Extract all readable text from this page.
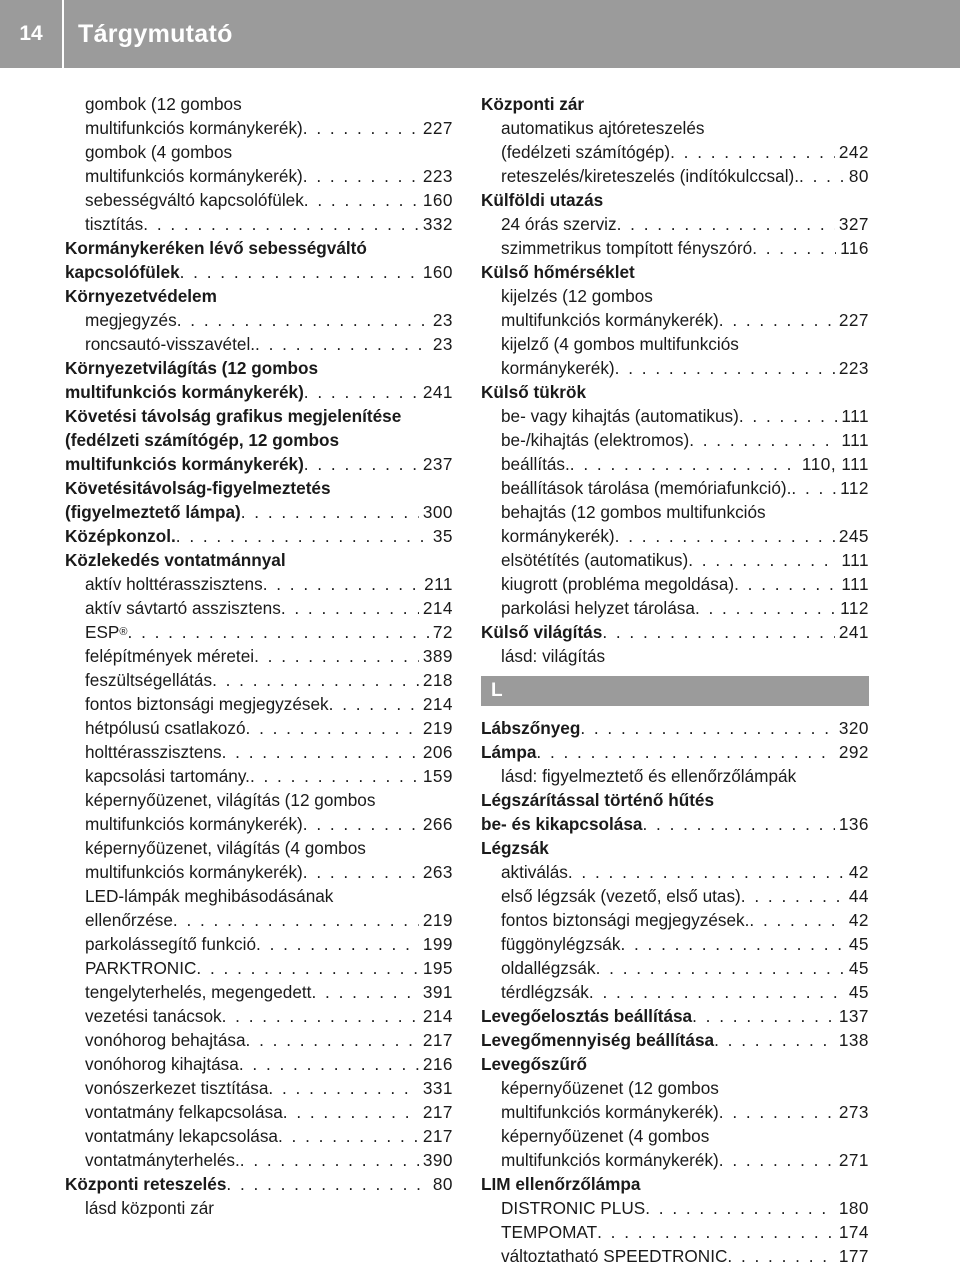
14	Tárgymutató
gombok (12 gombos
multifunkciós kormánykerék) . . .	227
gombok (4 gombos
multifunkciós kormánykerék) . . .	223
sebességváltó kapcsolófülek . . .	160
tisztítás . . .	332
Kormánykeréken lévő sebességváltó
kapcsolófülek . . .	160
Környezetvédelem
megjegyzés . . .	23
roncsautó-visszavétel. . . .	23
Környezetvilágítás (12 gombos
multifunkciós kormánykerék) . . .	241
Követési távolság grafikus megjelenítése
(fedélzeti számítógép, 12 gombos
multifunkciós kormánykerék) . . .	237
Követésitávolság-figyelmeztetés
(figyelmeztető lámpa) . . .	300
Középkonzol. . . .	35
Közlekedés vontatmánnyal
aktív holttérasszisztens . . .	211
aktív sávtartó asszisztens . . .	214
ESP ® . . .	72
felépítmények méretei . . .	389
feszültségellátás . . .	218
fontos biztonsági megjegyzések . . .	214
hétpólusú csatlakozó . . .	219
holttérasszisztens . . .	206
kapcsolási tartomány. . . .	159
képernyőüzenet, világítás (12 gombos
multifunkciós kormánykerék) . . .	266
képernyőüzenet, világítás (4 gombos
multifunkciós kormánykerék) . . .	263
LED-lámpák meghibásodásának
ellenőrzése . . .	219
parkolássegítő funkció . . .	199
PARKTRONIC . . .	195
tengelyterhelés, megengedett . . .	391
vezetési tanácsok . . .	214
vonóhorog behajtása . . .	217
vonóhorog kihajtása . . .	216
vonószerkezet tisztítása . . .	331
vontatmány felkapcsolása . . .	217
vontatmány lekapcsolása . . .	217
vontatmányterhelés. . . .	390
Központi reteszelés . . .	80
lásd központi zár
Központi zár
automatikus ajtóreteszelés
(fedélzeti számítógép) . . .	242
reteszelés/kireteszelés (indítókulccsal). . . .	80
Külföldi utazás
24 órás szerviz . . .	327
szimmetrikus tompított fényszóró . . .	116
Külső hőmérséklet
kijelzés (12 gombos
multifunkciós kormánykerék) . . .	227
kijelző (4 gombos multifunkciós
kormánykerék) . . .	223
Külső tükrök
be- vagy kihajtás (automatikus) . . .	111
be-/kihajtás (elektromos) . . .	111
beállítás. . . .	110, 111
beállítások tárolása (memóriafunkció). . . .	112
behajtás (12 gombos multifunkciós
kormánykerék) . . .	245
elsötétítés (automatikus) . . .	111
kiugrott (probléma megoldása) . . .	111
parkolási helyzet tárolása . . .	112
Külső világítás . . .	241
lásd: világítás
L
Lábszőnyeg . . .	320
Lámpa . . .	292
lásd: figyelmeztető és ellenőrzőlámpák
Légszárítással történő hűtés
be- és kikapcsolása . . .	136
Légzsák
aktiválás . . .	42
első légzsák (vezető, első utas) . . .	44
fontos biztonsági megjegyzések. . . .	42
függönylégzsák . . .	45
oldallégzsák . . .	45
térdlégzsák . . .	45
Levegőelosztás beállítása . . .	137
Levegőmennyiség beállítása . . .	138
Levegőszűrő
képernyőüzenet (12 gombos
multifunkciós kormánykerék) . . .	273
képernyőüzenet (4 gombos
multifunkciós kormánykerék) . . .	271
LIM ellenőrzőlámpa
DISTRONIC PLUS . . .	180
TEMPOMAT . . .	174
változtatható SPEEDTRONIC . . .	177
